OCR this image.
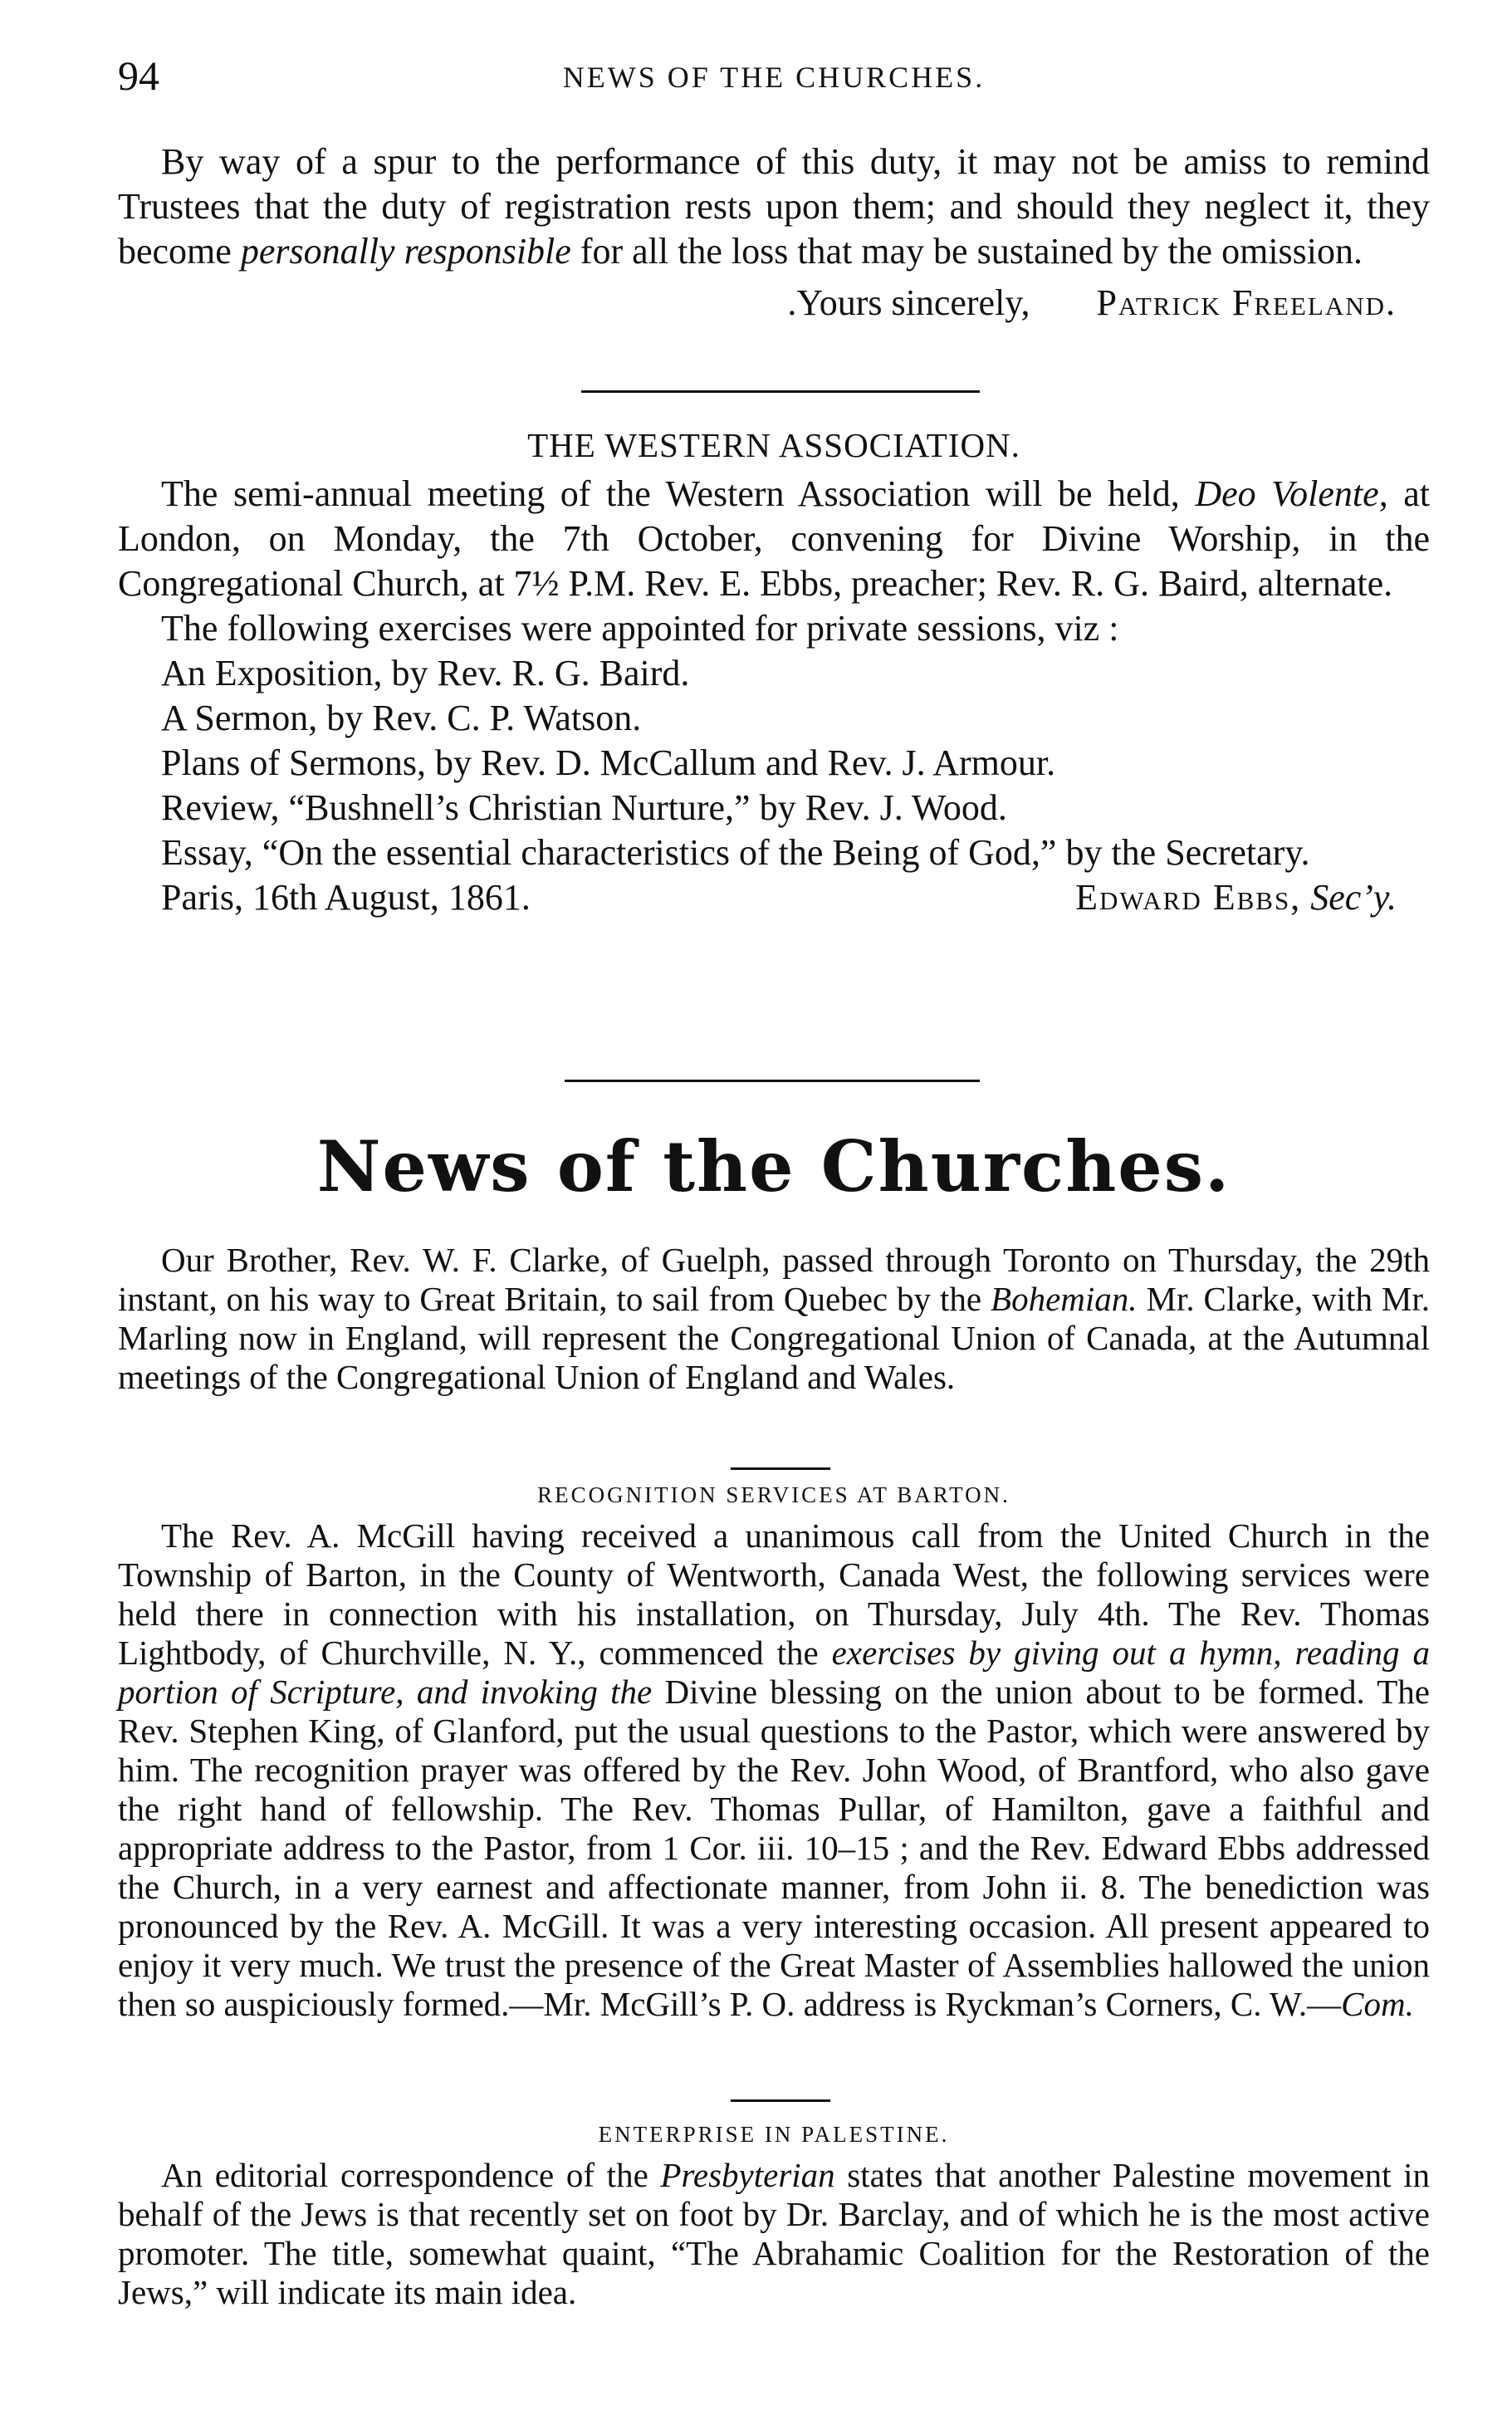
94	NEWS OF THE CHURCHES.

By way of a spur to the performance of this duty, it may not be amiss to remind Trustees that the duty of registration rests upon them; and should they neglect it, they become personally responsible for all the loss that may be sustained by the omission.

.Yours sincerely, Patrick Freeland.
THE WESTERN ASSOCIATION.

The semi-annual meeting of the Western Association will be held, Deo Volente, at London, on Monday, the 7th October, convening for Divine Worship, in the Congregational Church, at 7½ P.M. Rev. E. Ebbs, preacher; Rev. R. G. Baird, alternate.

The following exercises were appointed for private sessions, viz :

An Exposition, by Rev. R. G. Baird.

A Sermon, by Rev. C. P. Watson.

Plans of Sermons, by Rev. D. McCallum and Rev. J. Armour.

Review, “Bushnell’s Christian Nurture,” by Rev. J. Wood.

Essay, “On the essential characteristics of the Being of God,” by the Secretary.

Paris, 16th August, 1861.	Edward Ebbs, Sec’y.
News of the Churches.

Our Brother, Rev. W. F. Clarke, of Guelph, passed through Toronto on Thursday, the 29th instant, on his way to Great Britain, to sail from Quebec by the Bohemian. Mr. Clarke, with Mr. Marling now in England, will represent the Congregational Union of Canada, at the Autumnal meetings of the Congregational Union of England and Wales.

RECOGNITION SERVICES AT BARTON.

The Rev. A. McGill having received a unanimous call from the United Church in the Township of Barton, in the County of Wentworth, Canada West, the following services were held there in connection with his installation, on Thursday, July 4th. The Rev. Thomas Lightbody, of Churchville, N. Y., commenced the exercises by giving out a hymn, reading a portion of Scripture, and invoking the Divine blessing on the union about to be formed. The Rev. Stephen King, of Glanford, put the usual questions to the Pastor, which were answered by him. The recognition prayer was offered by the Rev. John Wood, of Brantford, who also gave the right hand of fellowship. The Rev. Thomas Pullar, of Hamilton, gave a faithful and appropriate address to the Pastor, from 1 Cor. iii. 10–15 ; and the Rev. Edward Ebbs addressed the Church, in a very earnest and affectionate manner, from John ii. 8. The benediction was pronounced by the Rev. A. McGill. It was a very interesting occasion. All present appeared to enjoy it very much. We trust the presence of the Great Master of Assemblies hallowed the union then so auspiciously formed.—Mr. McGill’s P. O. address is Ryckman’s Corners, C. W.—Com.

ENTERPRISE IN PALESTINE.

An editorial correspondence of the Presbyterian states that another Palestine movement in behalf of the Jews is that recently set on foot by Dr. Barclay, and of which he is the most active promoter. The title, somewhat quaint, “The Abrahamic Coalition for the Restoration of the Jews,” will indicate its main idea.
